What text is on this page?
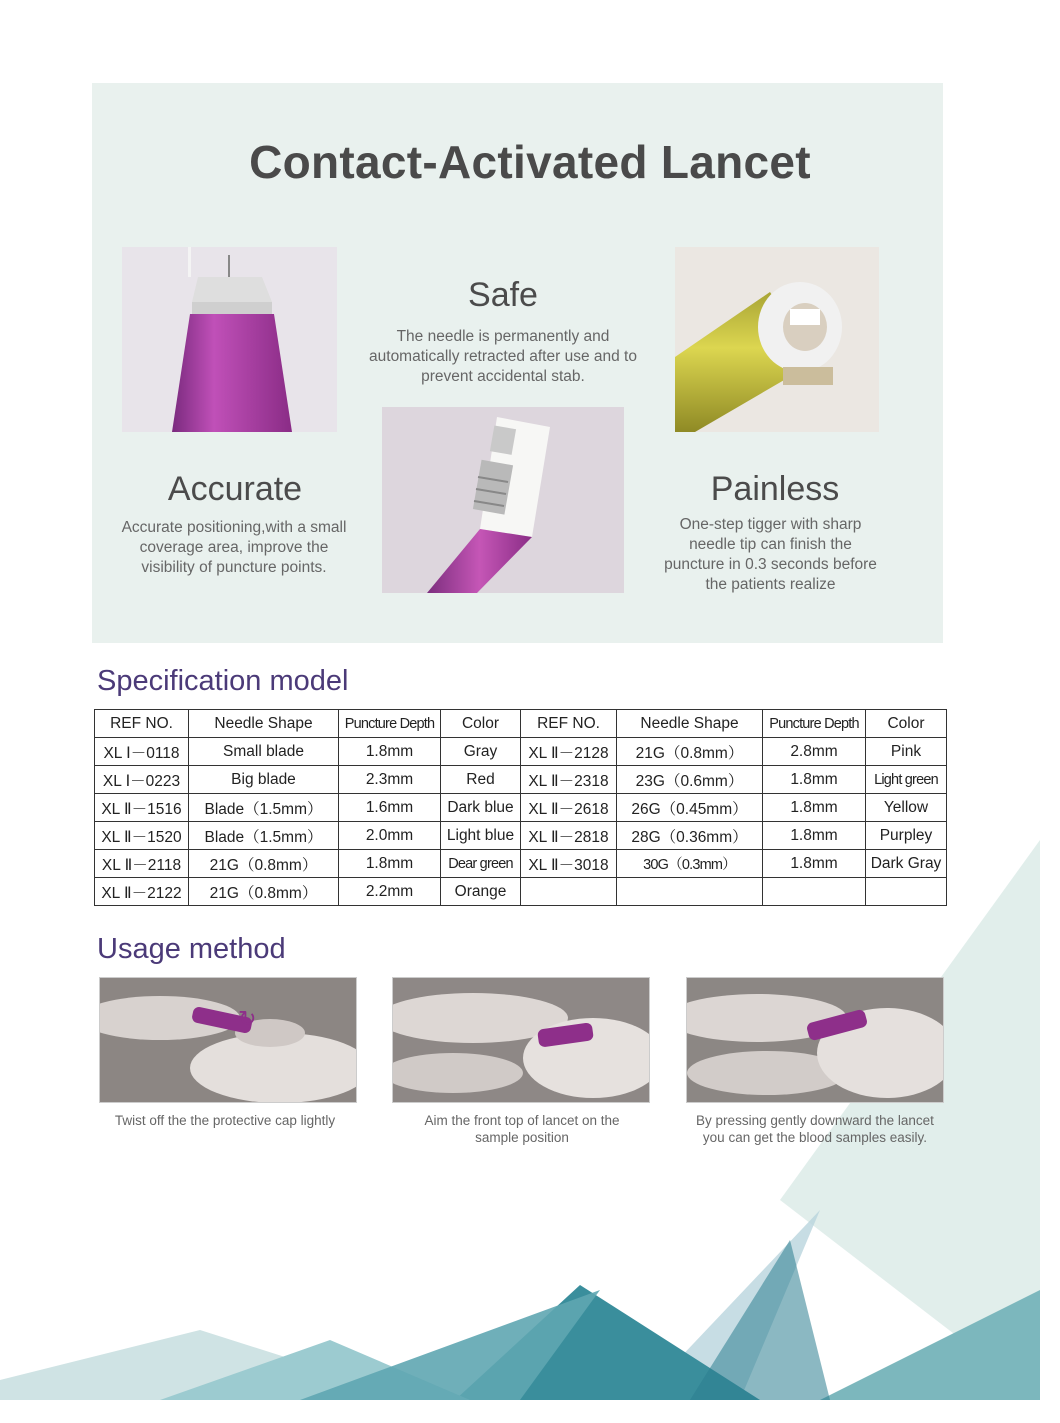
Contact-Activated Lancet
Safe
The needle is permanently and automatically retracted after use and to prevent accidental stab.
Accurate
Accurate positioning,with a small coverage area, improve the visibility of puncture points.
Painless
One-step tigger with sharp needle tip can finish the puncture in 0.3 seconds before the patients realize
Specification model
REF NO.	Needle Shape	Puncture Depth	Color	REF NO.	Needle Shape	Puncture Depth	Color
XL Ⅰ－0118	Small blade	1.8mm	Gray	XL Ⅱ－2128	21G（0.8mm）	2.8mm	Pink
XL Ⅰ－0223	Big blade	2.3mm	Red	XL Ⅱ－2318	23G（0.6mm）	1.8mm	Light green
XL Ⅱ－1516	Blade（1.5mm）	1.6mm	Dark blue	XL Ⅱ－2618	26G（0.45mm）	1.8mm	Yellow
XL Ⅱ－1520	Blade（1.5mm）	2.0mm	Light blue	XL Ⅱ－2818	28G（0.36mm）	1.8mm	Purpley
XL Ⅱ－2118	21G（0.8mm）	1.8mm	Dear green	XL Ⅱ－3018	30G（0.3mm）	1.8mm	Dark Gray
XL Ⅱ－2122	21G（0.8mm）	2.2mm	Orange				
Usage method
↻
Twist off the the protective cap lightly	Aim the front top of lancet on the sample position
By pressing gently downward the lancet you can get the blood samples easily.
